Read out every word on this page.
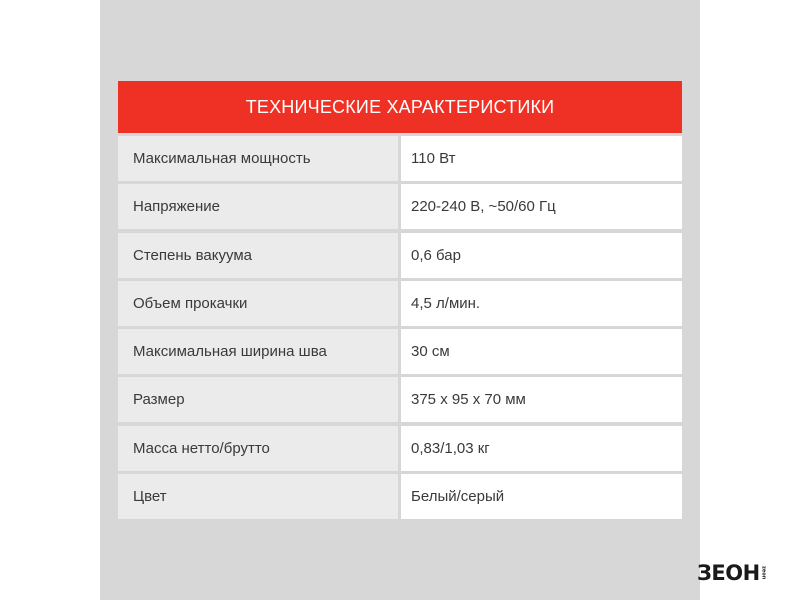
ТЕХНИЧЕСКИЕ ХАРАКТЕРИСТИКИ
Максимальная мощность	110 Вт
Напряжение	220-240 В, ~50/60 Гц
Степень вакуума	0,6 бар
Объем прокачки	4,5 л/мин.
Максимальная ширина шва	30 см
Размер	375 х 95 х 70 мм
Масса нетто/брутто	0,83/1,03 кг
Цвет	Белый/серый
ЗЕОН zeon
